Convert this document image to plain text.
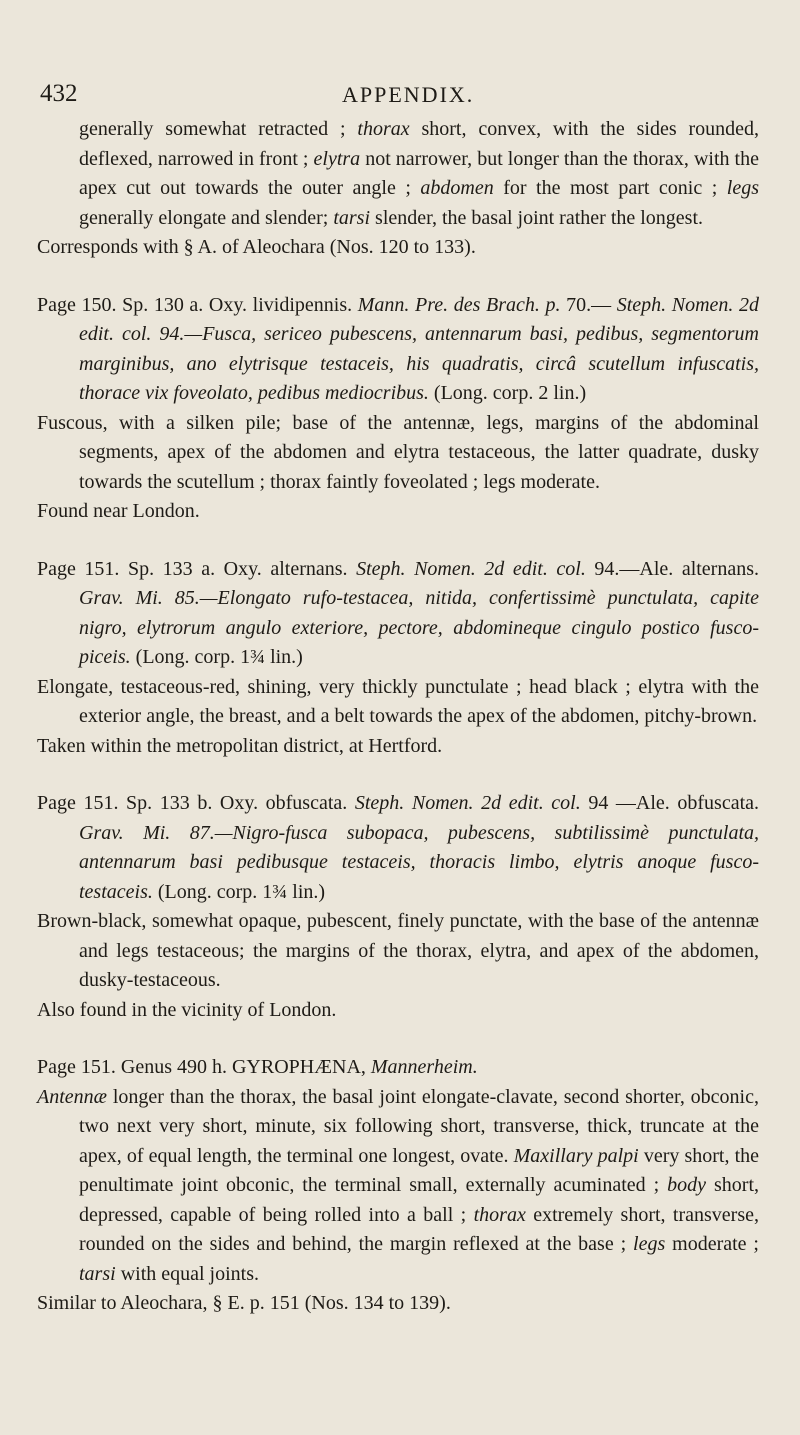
432	APPENDIX.

generally somewhat retracted ; thorax short, convex, with the sides rounded, deflexed, narrowed in front ; elytra not narrower, but longer than the thorax, with the apex cut out towards the outer angle ; abdomen for the most part conic ; legs generally elongate and slender; tarsi slender, the basal joint rather the longest.

Corresponds with § A. of Aleochara (Nos. 120 to 133).

Page 150. Sp. 130 a. Oxy. lividipennis. Mann. Pre. des Brach. p. 70.— Steph. Nomen. 2d edit. col. 94.—Fusca, sericeo pubescens, antennarum basi, pedibus, segmentorum marginibus, ano elytrisque testaceis, his quadratis, circâ scutellum infuscatis, thorace vix foveolato, pedibus mediocribus. (Long. corp. 2 lin.)

Fuscous, with a silken pile; base of the antennæ, legs, margins of the abdominal segments, apex of the abdomen and elytra testaceous, the latter quadrate, dusky towards the scutellum ; thorax faintly foveolated ; legs moderate.

Found near London.

Page 151. Sp. 133 a. Oxy. alternans. Steph. Nomen. 2d edit. col. 94.—Ale. alternans. Grav. Mi. 85.—Elongato rufo-testacea, nitida, confertissimè punctulata, capite nigro, elytrorum angulo exteriore, pectore, abdomineque cingulo postico fusco-piceis. (Long. corp. 1¾ lin.)

Elongate, testaceous-red, shining, very thickly punctulate ; head black ; elytra with the exterior angle, the breast, and a belt towards the apex of the abdomen, pitchy-brown.

Taken within the metropolitan district, at Hertford.

Page 151. Sp. 133 b. Oxy. obfuscata. Steph. Nomen. 2d edit. col. 94 —Ale. obfuscata. Grav. Mi. 87.—Nigro-fusca subopaca, pubescens, subtilissimè punctulata, antennarum basi pedibusque testaceis, thoracis limbo, elytris anoque fusco-testaceis. (Long. corp. 1¾ lin.)

Brown-black, somewhat opaque, pubescent, finely punctate, with the base of the antennæ and legs testaceous; the margins of the thorax, elytra, and apex of the abdomen, dusky-testaceous.

Also found in the vicinity of London.

Page 151. Genus 490 h. GYROPHÆNA, Mannerheim.

Antennæ longer than the thorax, the basal joint elongate-clavate, second shorter, obconic, two next very short, minute, six following short, transverse, thick, truncate at the apex, of equal length, the terminal one longest, ovate. Maxillary palpi very short, the penultimate joint obconic, the terminal small, externally acuminated ; body short, depressed, capable of being rolled into a ball ; thorax extremely short, transverse, rounded on the sides and behind, the margin reflexed at the base ; legs moderate ; tarsi with equal joints.

Similar to Aleochara, § E. p. 151 (Nos. 134 to 139).
